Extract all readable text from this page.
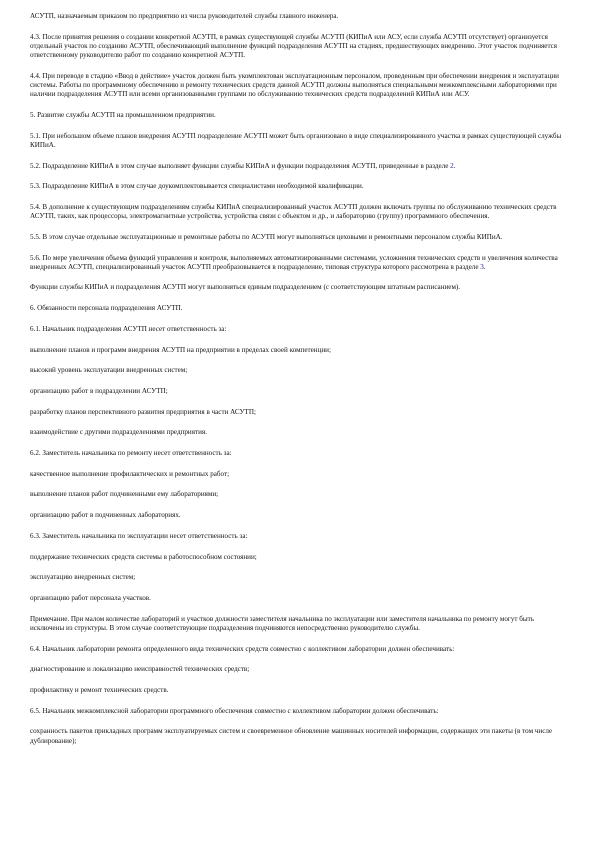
АСУТП, назначаемым приказом по предприятию из числа руководителей службы главного инженера.

4.3. После принятия решения о создании конкретной АСУТП, в рамках существующей службы АСУТП (КИПиА или АСУ, если служба АСУТП отсутствует) организуется отдельный участок по созданию АСУТП, обеспечивающий выполнение функций подразделения АСУТП на стадиях, предшествующих внедрению. Этот участок подчиняется ответственному руководителю работ по созданию конкретной АСУТП.

4.4. При переводе в стадию «Ввод в действие» участок должен быть укомплектован эксплуатационным персоналом, проведенным при обеспечении внедрения и эксплуатации системы. Работы по программному обеспечению и ремонту технических средств данной АСУТП должны выполняться специальными межкомплексными лабораториями при наличии подразделения АСУТП или всеми организованными группами по обслуживанию технических средств подразделений КИПиА или АСУ.

5. Развитие службы АСУТП на промышленном предприятии.

5.1. При небольшом объеме планов внедрения АСУТП подразделение АСУТП может быть организовано в виде специализированного участка в рамках существующей службы КИПиА.

5.2. Подразделение КИПиА в этом случае выполняет функции службы КИПиА и функции подразделения АСУТП, приведенные в разделе 2.

5.3. Подразделение КИПиА в этом случае доукомплектовывается специалистами необходимой квалификации.

5.4. В дополнение к существующим подразделениям службы КИПиА специализированный участок АСУТП должен включать группы по обслуживанию технических средств АСУТП, таких, как процессоры, электромагнитные устройства, устройства связи с объектом и др., и лабораторию (группу) программного обеспечения.

5.5. В этом случае отдельные эксплуатационные и ремонтные работы по АСУТП могут выполняться цеховыми и ремонтными персоналом службы КИПиА.

5.6. По мере увеличения объема функций управления и контроля, выполняемых автоматизированными системами, усложнения технических средств и увеличения количества внедренных АСУТП, специализированный участок АСУТП преобразовывается в подразделение, типовая структура которого рассмотрена в разделе 3.

Функции службы КИПиА и подразделения АСУТП могут выполняться единым подразделением (с соответствующим штатным расписанием).

6. Обязанности персонала подразделения АСУТП.

6.1. Начальник подразделения АСУТП несет ответственность за:

выполнение планов и программ внедрения АСУТП на предприятии в пределах своей компетенции;

высокий уровень эксплуатации внедренных систем;

организацию работ в подразделении АСУТП;

разработку планов перспективного развития предприятия в части АСУТП;

взаимодействие с другими подразделениями предприятия.

6.2. Заместитель начальника по ремонту несет ответственность за:

качественное выполнение профилактических и ремонтных работ;

выполнение планов работ подчиненными ему лабораториями;

организацию работ в подчиненных лабораториях.

6.3. Заместитель начальника по эксплуатации несет ответственность за:

поддержание технических средств системы в работоспособном состоянии;

эксплуатацию внедренных систем;

организацию работ персонала участков.

Примечание. При малом количестве лабораторий и участков должности заместителя начальника по эксплуатации или заместителя начальника по ремонту могут быть исключены из структуры. В этом случае соответствующие подразделения подчиняются непосредственно руководителю службы.

6.4. Начальник лаборатории ремонта определенного вида технических средств совместно с коллективом лаборатории должен обеспечивать:

диагностирование и локализацию неисправностей технических средств;

профилактику и ремонт технических средств.

6.5. Начальник межкомплексной лаборатории программного обеспечения совместно с коллективом лаборатории должен обеспечивать:

сохранность пакетов прикладных программ эксплуатируемых систем и своевременное обновление машинных носителей информации, содержащих эти пакеты (в том числе дублирование);
